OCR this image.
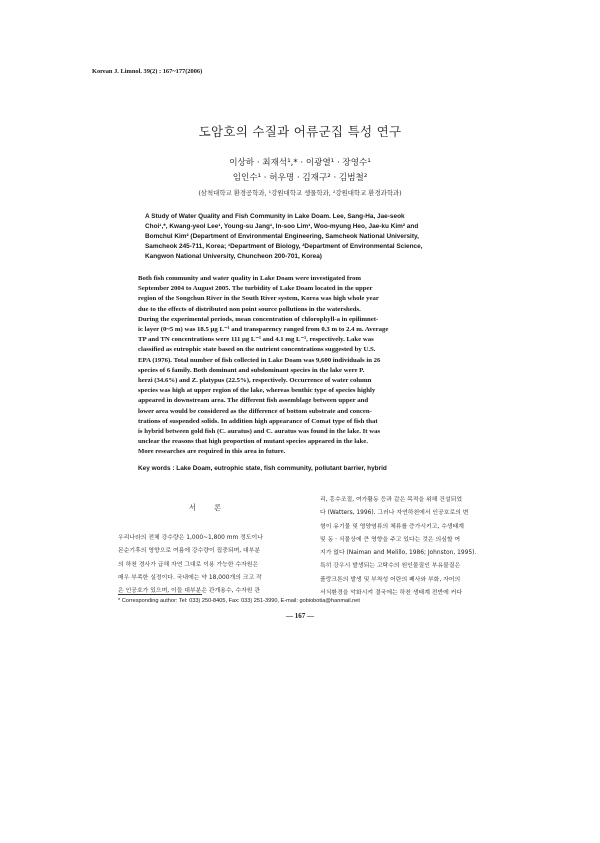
Korean J. Limnol. 39(2) : 167~177(2006)
도암호의 수질과 어류군집 특성 연구
이상하 · 최재석¹,* · 이광열¹ · 장영수¹
임인수¹ · 허우명 · 김재구² · 김범철²
(삼척대학교 환경공학과, ¹강원대학교 생물학과, ²강원대학교 환경과학과)
A Study of Water Quality and Fish Community in Lake Doam. Lee, Sang-Ha, Jae-seok
Choi¹,*, Kwang-yeol Lee¹, Young-su Jang¹, In-soo Lim¹, Woo-myung Heo, Jae-ku Kim² and
Bomchul Kim² (Department of Environmental Engineering, Samcheok National University,
Samcheok 245-711, Korea; ¹Department of Biology, ²Department of Environmental Science,
Kangwon National University, Chuncheon 200-701, Korea)
Both fish community and water quality in Lake Doam were investigated from
September 2004 to August 2005. The turbidity of Lake Doam located in the upper
region of the Songchun River in the South River system, Korea was high whole year
due to the effects of distributed non point source pollutions in the watersheds.
During the experimental periods, mean concentration of chlorophyll-a in epilimnet-
ic layer (0~5 m) was 18.5 μg L⁻¹ and transparency ranged from 0.3 m to 2.4 m. Average
TP and TN concentrations were 111 μg L⁻¹ and 4.1 mg L⁻¹, respectively. Lake was
classified as eutrophic state based on the nutrient concentrations suggested by U.S.
EPA (1976). Total number of fish collected in Lake Doam was 9,600 individuals in 26
species of 6 family. Both dominant and subdominant species in the lake were P.
herzi (34.6%) and Z. platypus (22.5%), respectively. Occurrence of water column
species was high at upper region of the lake, whereas benthic type of species highly
appeared in downstream area. The different fish assemblage between upper and
lower area would be considered as the difference of bottom substrate and concen-
trations of suspended solids. In addition high appearance of Comat type of fish that
is hybrid between gold fish (C. auratus) and C. auratus was found in the lake. It was
unclear the reasons that high proportion of mutant species appeared in the lake.
More researches are required in this area in future.
Key words : Lake Doam, eutrophic state, fish community, pollutant barrier, hybrid
서 론
우리나라의 전체 강수량은 1,000~1,800 mm 정도이나
몬순기후의 영향으로 여름에 강수량이 집중되며, 대부분
의 하천 경사가 급해 자연 그대로 이용 가능한 수자원은
매우 부족한 실정이다. 국내에는 약 18,000개의 크고 작
은 인공호가 있으며, 이들 대부분은 관개용수, 수자원 관
리, 홍수조절, 여가활동 등과 같은 목적을 위해 건설되었
다 (Watters, 1996). 그러나 자연하천에서 인공호로의 변
형이 유기물 및 영양염류의 체류를 증가시키고, 수생태계
및 동 · 식물상에 큰 영향을 주고 있다는 것은 의심할 여
지가 없다 (Naiman and Melillo, 1986; Johnston, 1995).
특히 강우시 발생되는 고탁수의 원인물질인 부유물질은
플랑크톤의 발생 및 부착성 어란의 폐사와 부화, 자어의
서식환경을 악화시켜 결국에는 하천 생태계 전반에 커다
* Corresponding author: Tel: 033) 250-8405, Fax: 033) 251-3990, E-mail: gobiobotia@hanmail.net
— 167 —
